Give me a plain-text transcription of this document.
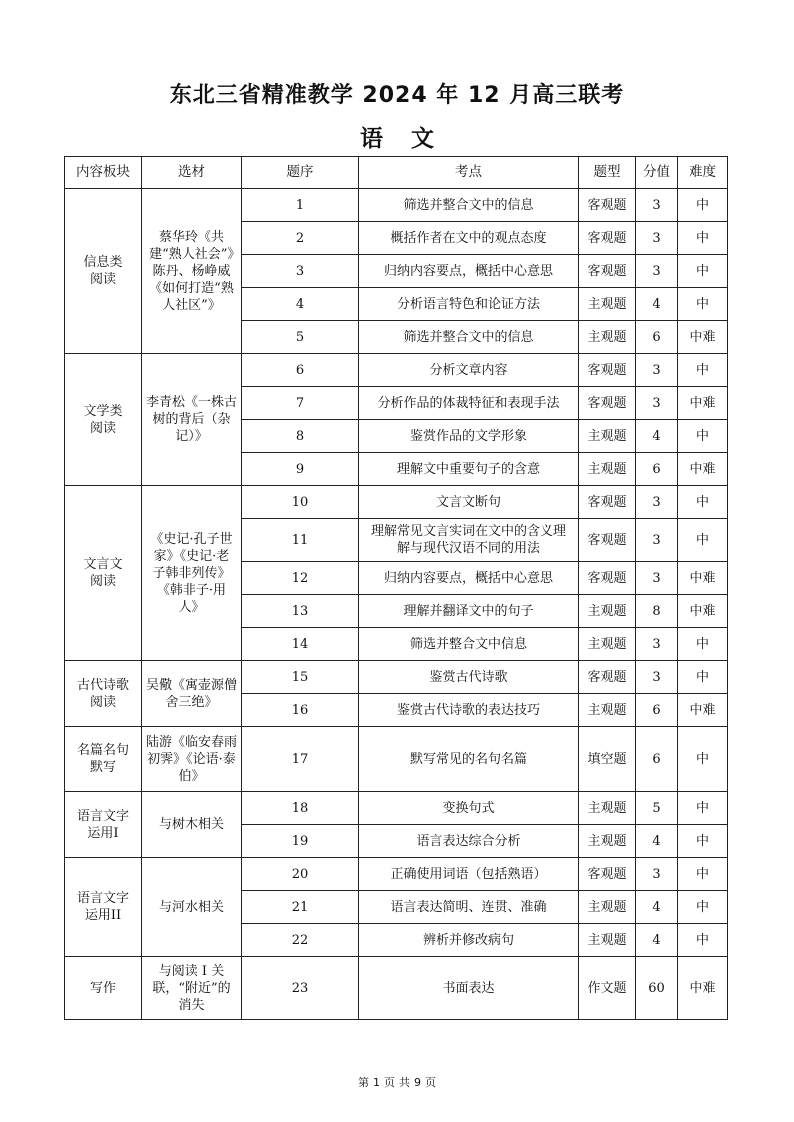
东北三省精准教学 2024 年 12 月高三联考
语 文
内容板块	选材	题序	考点	题型	分值	难度
信息类阅读	蔡华玲《共建“熟人社会”》陈丹、杨峥威《如何打造“熟人社区”》	1	筛选并整合文中的信息	客观题	3	中
		2	概括作者在文中的观点态度	客观题	3	中
		3	归纳内容要点，概括中心意思	客观题	3	中
		4	分析语言特色和论证方法	主观题	4	中
		5	筛选并整合文中的信息	主观题	6	中难
文学类阅读	李青松《一株古树的背后（杂记）》	6	分析文章内容	客观题	3	中
		7	分析作品的体裁特征和表现手法	客观题	3	中难
		8	鉴赏作品的文学形象	主观题	4	中
		9	理解文中重要句子的含意	主观题	6	中难
文言文阅读	《史记·孔子世家》《史记·老子韩非列传》《韩非子·用人》	10	文言文断句	客观题	3	中
		11	理解常见文言实词在文中的含义理解与现代汉语不同的用法	客观题	3	中
		12	归纳内容要点，概括中心意思	客观题	3	中难
		13	理解并翻译文中的句子	主观题	8	中难
		14	筛选并整合文中信息	主观题	3	中
古代诗歌阅读	吴儆《寓壶源僧舍三绝》	15	鉴赏古代诗歌	客观题	3	中
		16	鉴赏古代诗歌的表达技巧	主观题	6	中难
名篇名句默写	陆游《临安春雨初霁》《论语·泰伯》	17	默写常见的名句名篇	填空题	6	中
语言文字运用I	与树木相关	18	变换句式	主观题	5	中
		19	语言表达综合分析	主观题	4	中
语言文字运用II	与河水相关	20	正确使用词语（包括熟语）	客观题	3	中
		21	语言表达简明、连贯、准确	主观题	4	中
		22	辨析并修改病句	主观题	4	中
写作	与阅读 I 关联，“附近”的消失	23	书面表达	作文题	60	中难
第 1 页 共 9 页
